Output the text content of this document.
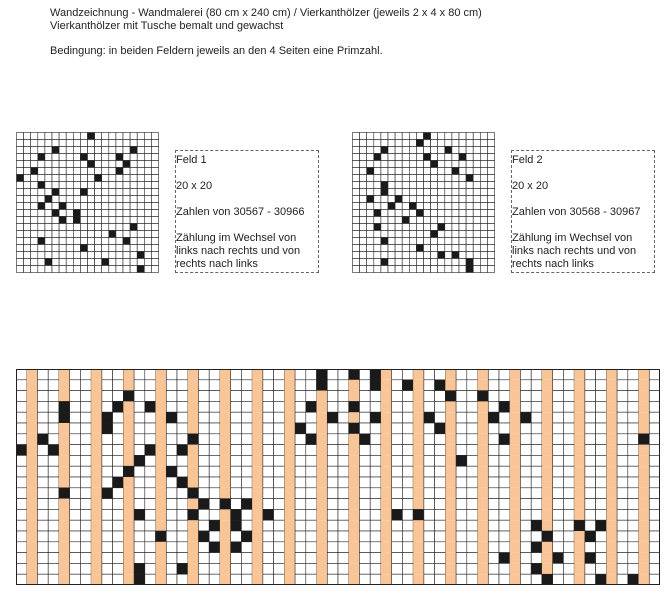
Wandzeichnung - Wandmalerei (80 cm x 240 cm) / Vierkanthölzer (jeweils 2 x 4 x 80 cm)
Vierkanthölzer mit Tusche bemalt und gewachst
Bedingung: in beiden Feldern jeweils an den 4 Seiten eine Primzahl.
Feld 1
20 x 20
Zahlen von 30567 - 30966
Zählung im Wechsel von
links nach rechts und von
rechts nach links
Feld 2
20 x 20
Zahlen von 30568 - 30967
Zählung im Wechsel von
links nach rechts und von
rechts nach links
